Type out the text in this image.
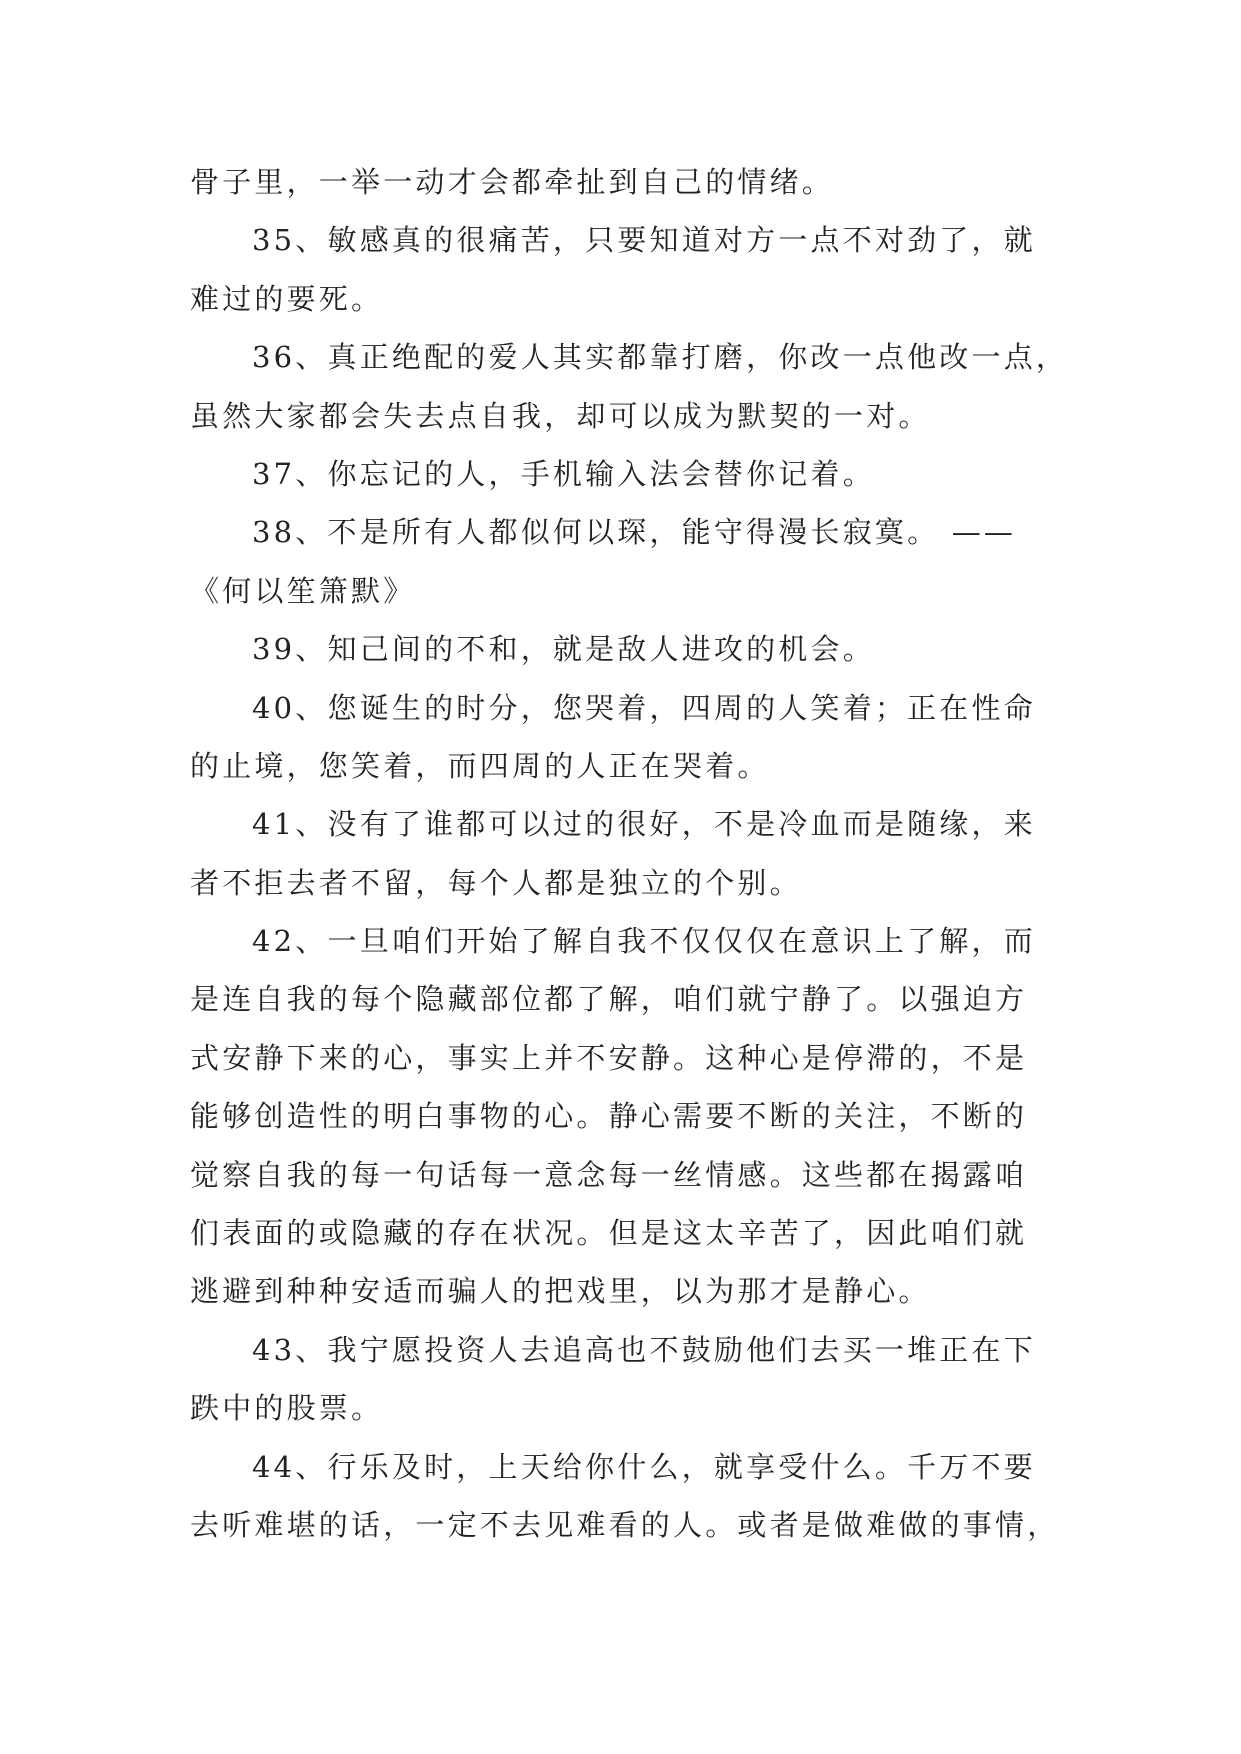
骨子里，一举一动才会都牵扯到自己的情绪。
35、敏感真的很痛苦，只要知道对方一点不对劲了，就
难过的要死。
36、真正绝配的爱人其实都靠打磨，你改一点他改一点，
虽然大家都会失去点自我，却可以成为默契的一对。
37、你忘记的人，手机输入法会替你记着。
38、不是所有人都似何以琛，能守得漫长寂寞。 ——
《何以笙箫默》
39、知己间的不和，就是敌人进攻的机会。
40、您诞生的时分，您哭着，四周的人笑着；正在性命
的止境，您笑着，而四周的人正在哭着。
41、没有了谁都可以过的很好，不是冷血而是随缘，来
者不拒去者不留，每个人都是独立的个别。
42、一旦咱们开始了解自我不仅仅仅在意识上了解，而
是连自我的每个隐藏部位都了解，咱们就宁静了。以强迫方
式安静下来的心，事实上并不安静。这种心是停滞的，不是
能够创造性的明白事物的心。静心需要不断的关注，不断的
觉察自我的每一句话每一意念每一丝情感。这些都在揭露咱
们表面的或隐藏的存在状况。但是这太辛苦了，因此咱们就
逃避到种种安适而骗人的把戏里，以为那才是静心。
43、我宁愿投资人去追高也不鼓励他们去买一堆正在下
跌中的股票。
44、行乐及时，上天给你什么，就享受什么。千万不要
去听难堪的话，一定不去见难看的人。或者是做难做的事情，
